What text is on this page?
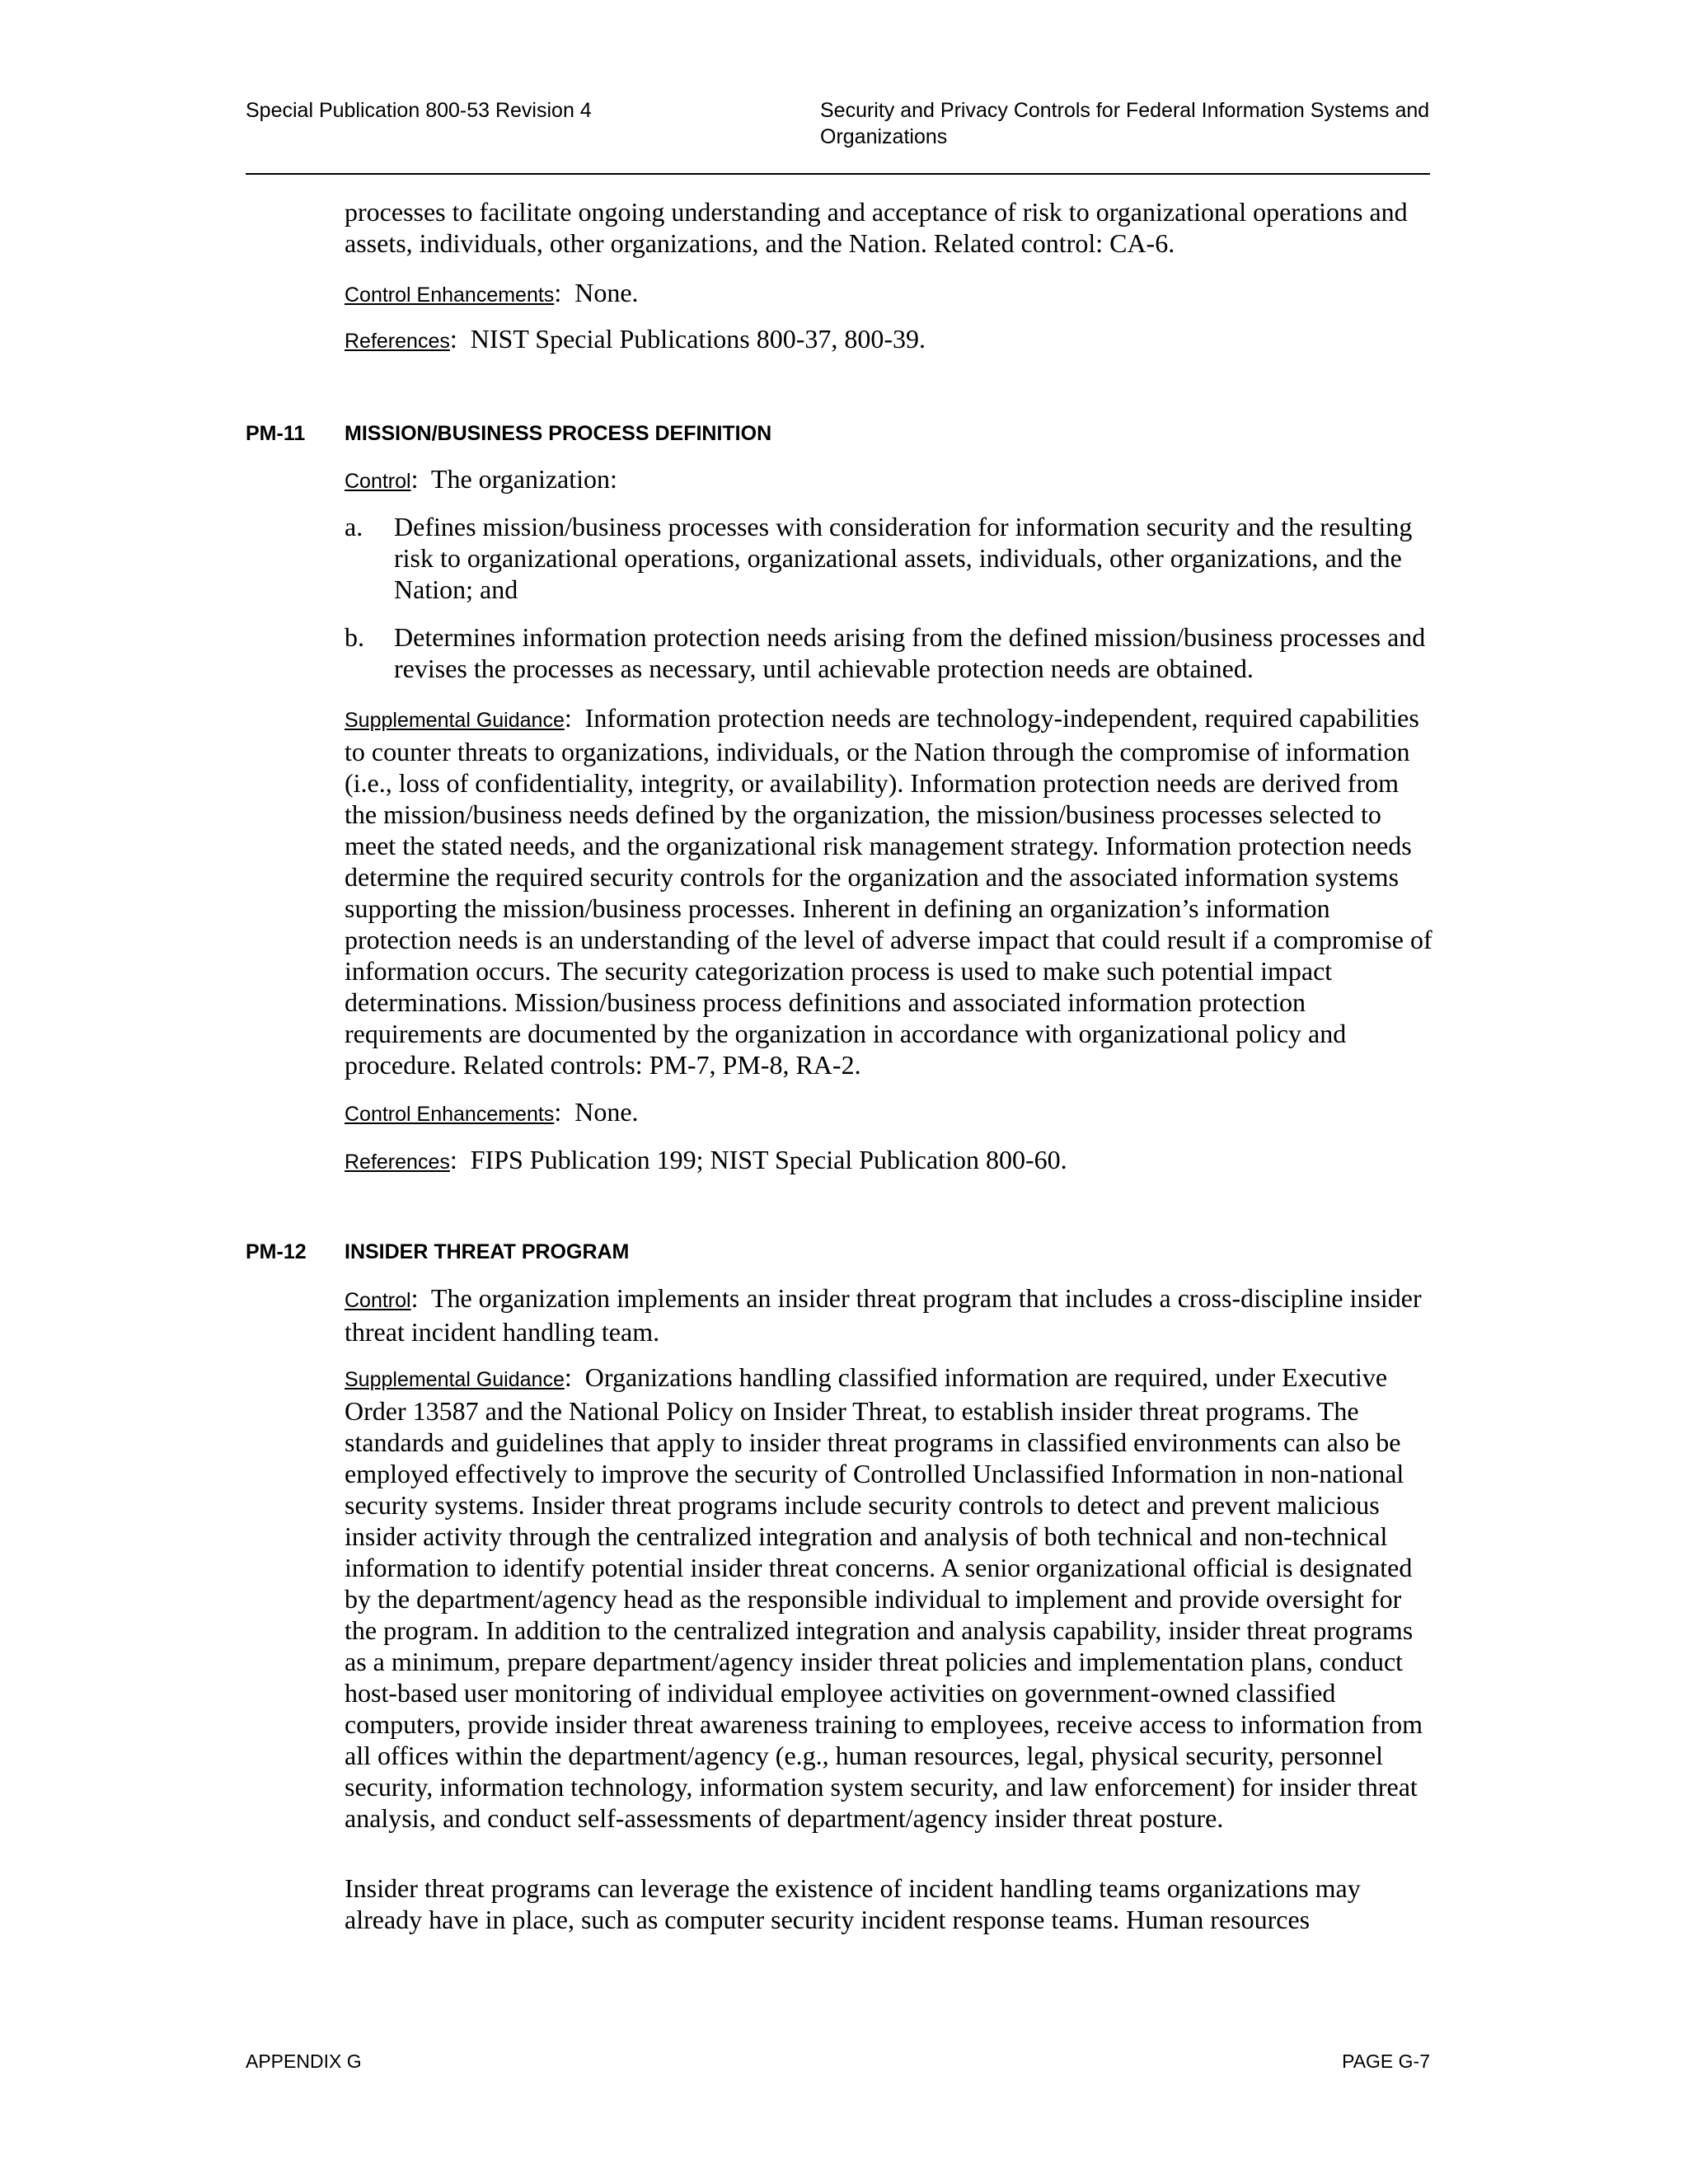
Special Publication 800-53 Revision 4	Security and Privacy Controls for Federal Information Systems and Organizations

processes to facilitate ongoing understanding and acceptance of risk to organizational operations and assets, individuals, other organizations, and the Nation. Related control: CA-6.

Control Enhancements:  None.

References:  NIST Special Publications 800-37, 800-39.

PM-11 MISSION/BUSINESS PROCESS DEFINITION

Control:  The organization:

a. Defines mission/business processes with consideration for information security and the resulting risk to organizational operations, organizational assets, individuals, other organizations, and the Nation; and
b. Determines information protection needs arising from the defined mission/business processes and revises the processes as necessary, until achievable protection needs are obtained.

Supplemental Guidance:  Information protection needs are technology-independent, required capabilities to counter threats to organizations, individuals, or the Nation through the compromise of information (i.e., loss of confidentiality, integrity, or availability). Information protection needs are derived from the mission/business needs defined by the organization, the mission/business processes selected to meet the stated needs, and the organizational risk management strategy. Information protection needs determine the required security controls for the organization and the associated information systems supporting the mission/business processes. Inherent in defining an organization’s information protection needs is an understanding of the level of adverse impact that could result if a compromise of information occurs. The security categorization process is used to make such potential impact determinations. Mission/business process definitions and associated information protection requirements are documented by the organization in accordance with organizational policy and procedure. Related controls: PM-7, PM-8, RA-2.

Control Enhancements:  None.

References:  FIPS Publication 199; NIST Special Publication 800-60.

PM-12 INSIDER THREAT PROGRAM

Control:  The organization implements an insider threat program that includes a cross-discipline insider threat incident handling team.

Supplemental Guidance:  Organizations handling classified information are required, under Executive Order 13587 and the National Policy on Insider Threat, to establish insider threat programs. The standards and guidelines that apply to insider threat programs in classified environments can also be employed effectively to improve the security of Controlled Unclassified Information in non-national security systems. Insider threat programs include security controls to detect and prevent malicious insider activity through the centralized integration and analysis of both technical and non-technical information to identify potential insider threat concerns. A senior organizational official is designated by the department/agency head as the responsible individual to implement and provide oversight for the program. In addition to the centralized integration and analysis capability, insider threat programs as a minimum, prepare department/agency insider threat policies and implementation plans, conduct host-based user monitoring of individual employee activities on government-owned classified computers, provide insider threat awareness training to employees, receive access to information from all offices within the department/agency (e.g., human resources, legal, physical security, personnel security, information technology, information system security, and law enforcement) for insider threat analysis, and conduct self-assessments of department/agency insider threat posture.

Insider threat programs can leverage the existence of incident handling teams organizations may already have in place, such as computer security incident response teams. Human resources

APPENDIX G	PAGE G-7
